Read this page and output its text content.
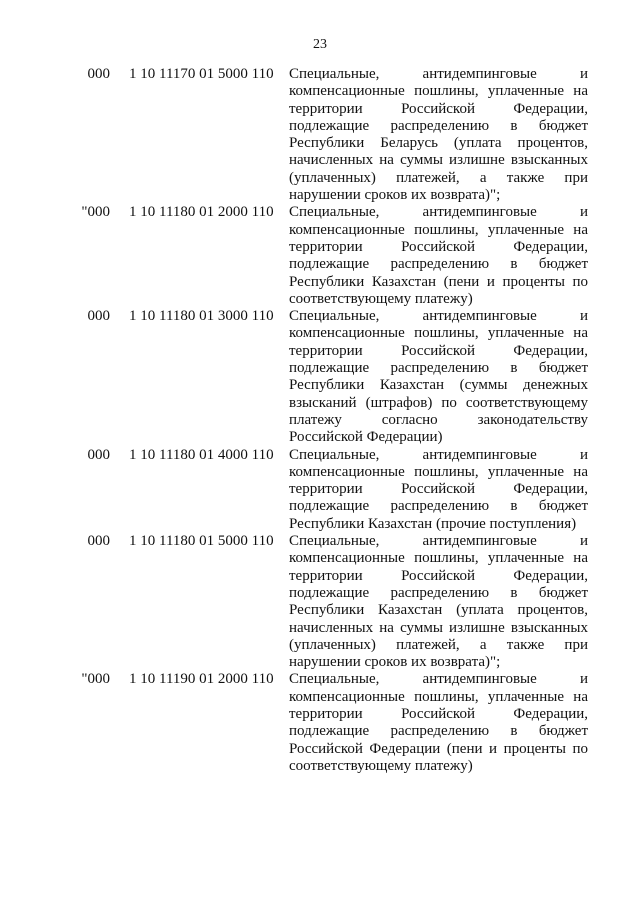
23
000 1 10 11170 01 5000 110	Специальные, антидемпинговые и компенсационные пошлины, уплаченные на территории Российской Федерации, подлежащие распределению в бюджет Республики Беларусь (уплата процентов, начисленных на суммы излишне взысканных (уплаченных) платежей, а также при нарушении сроков их возврата)";
"000 1 10 11180 01 2000 110	Специальные, антидемпинговые и компенсационные пошлины, уплаченные на территории Российской Федерации, подлежащие распределению в бюджет Республики Казахстан (пени и проценты по соответствующему платежу)
000 1 10 11180 01 3000 110	Специальные, антидемпинговые и компенсационные пошлины, уплаченные на территории Российской Федерации, подлежащие распределению в бюджет Республики Казахстан (суммы денежных взысканий (штрафов) по соответствующему платежу согласно законодательству Российской Федерации)
000 1 10 11180 01 4000 110	Специальные, антидемпинговые и компенсационные пошлины, уплаченные на территории Российской Федерации, подлежащие распределению в бюджет Республики Казахстан (прочие поступления)
000 1 10 11180 01 5000 110	Специальные, антидемпинговые и компенсационные пошлины, уплаченные на территории Российской Федерации, подлежащие распределению в бюджет Республики Казахстан (уплата процентов, начисленных на суммы излишне взысканных (уплаченных) платежей, а также при нарушении сроков их возврата)";
"000 1 10 11190 01 2000 110	Специальные, антидемпинговые и компенсационные пошлины, уплаченные на территории Российской Федерации, подлежащие распределению в бюджет Российской Федерации (пени и проценты по соответствующему платежу)
